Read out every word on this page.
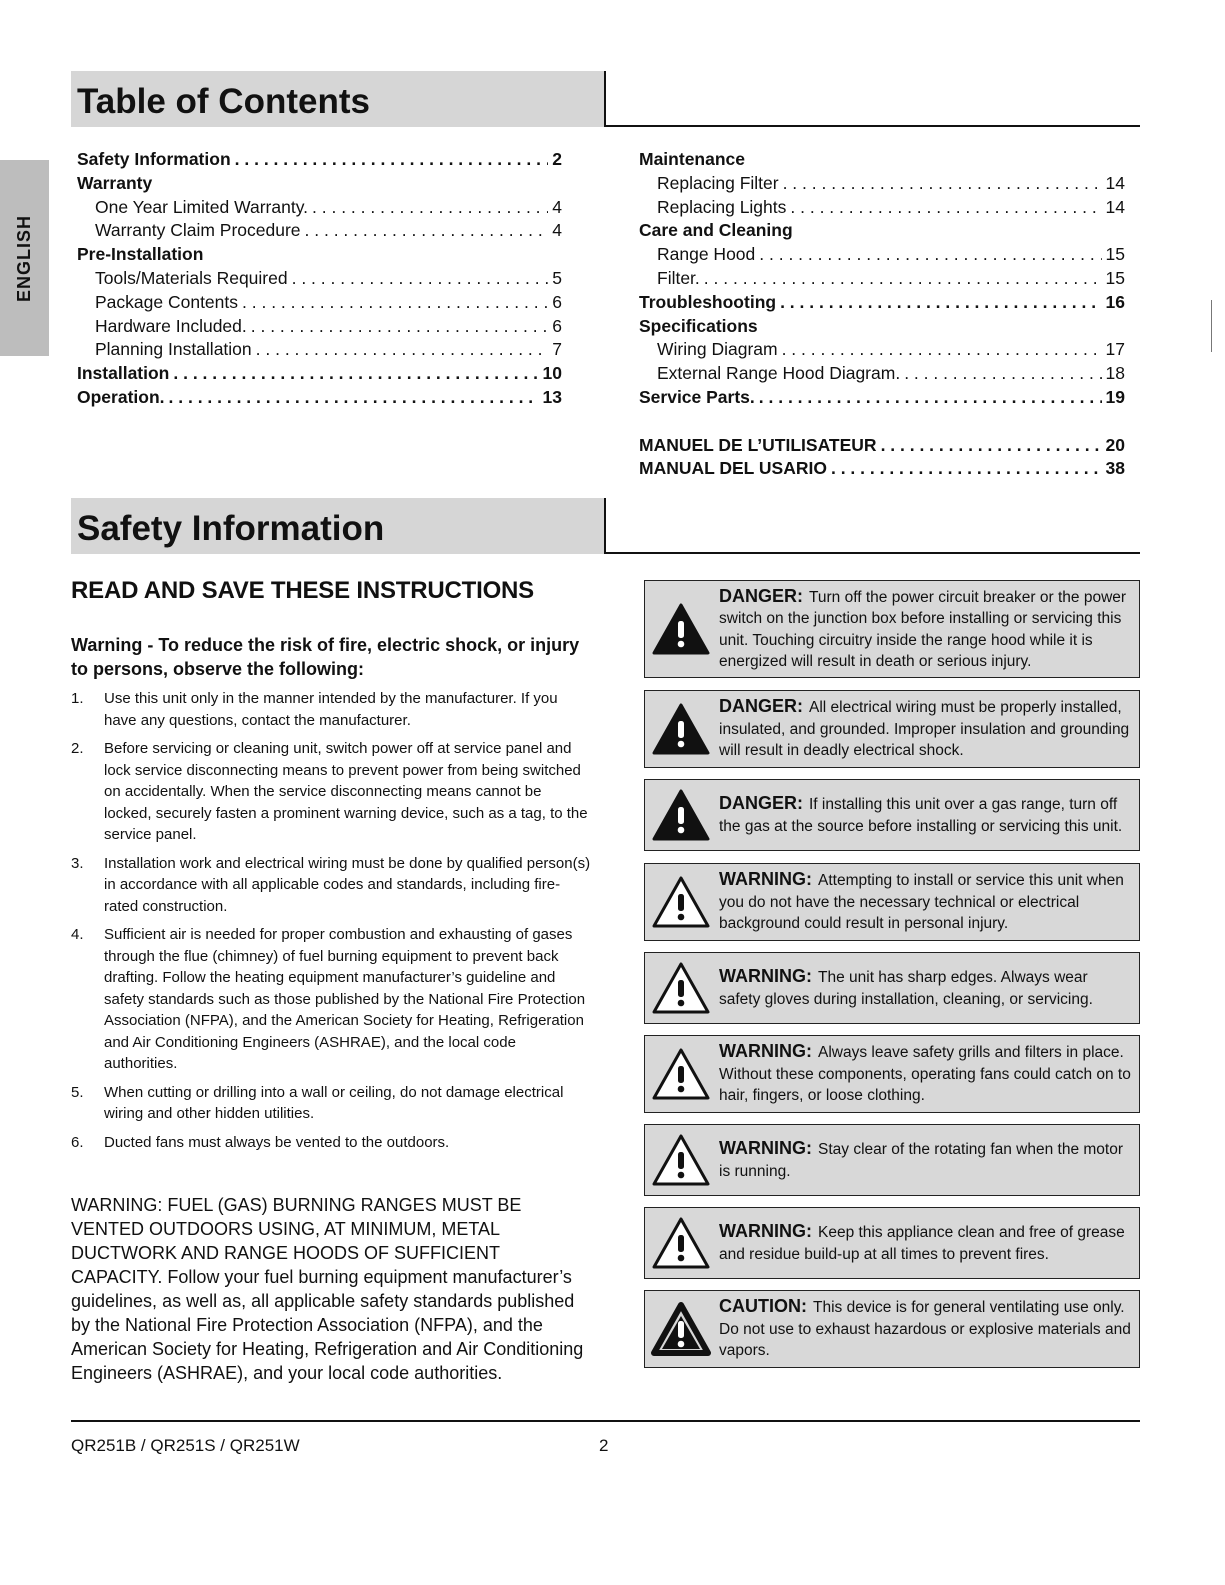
ENGLISH
Table of Contents
Safety Information . . .	2
Warranty
One Year Limited Warranty. . . .	4
Warranty Claim Procedure . . .	4
Pre-Installation
Tools/Materials Required . . .	5
Package Contents . . .	6
Hardware Included. . . .	6
Planning Installation . . .	7
Installation . . .	10
Operation. . . .	13
Maintenance
Replacing Filter . . .	14
Replacing Lights . . .	14
Care and Cleaning
Range Hood . . .	15
Filter. . . .	15
Troubleshooting . . .	16
Specifications
Wiring Diagram . . .	17
External Range Hood Diagram. . . .	18
Service Parts. . . .	19
MANUEL DE L’UTILISATEUR . . .	20
MANUAL DEL USARIO . . .	38
Safety Information
READ AND SAVE THESE INSTRUCTIONS
Warning - To reduce the risk of fire, electric shock, or injury to persons, observe the following:
1.	Use this unit only in the manner intended by the manufacturer. If you have any questions, contact the manufacturer.
2.	Before servicing or cleaning unit, switch power off at service panel and lock service disconnecting means to prevent power from being switched on accidentally. When the service disconnecting means cannot be locked, securely fasten a prominent warning device, such as a tag, to the service panel.
3.	Installation work and electrical wiring must be done by qualified person(s) in accordance with all applicable codes and standards, including fire-rated construction.
4.	Sufficient air is needed for proper combustion and exhausting of gases through the flue (chimney) of fuel burning equipment to prevent back drafting. Follow the heating equipment manufacturer’s guideline and safety standards such as those published by the National Fire Protection Association (NFPA), and the American Society for Heating, Refrigeration and Air Conditioning Engineers (ASHRAE), and the local code authorities.
5.	When cutting or drilling into a wall or ceiling, do not damage electrical wiring and other hidden utilities.
6.	Ducted fans must always be vented to the outdoors.
WARNING: FUEL (GAS) BURNING RANGES MUST BE VENTED OUTDOORS USING, AT MINIMUM, METAL DUCTWORK AND RANGE HOODS OF SUFFICIENT CAPACITY. Follow your fuel burning equipment manufacturer’s guidelines, as well as, all applicable safety standards published by the National Fire Protection Association (NFPA), and the American Society for Heating, Refrigeration and Air Conditioning Engineers (ASHRAE), and your local code authorities.
DANGER: Turn off the power circuit breaker or the power switch on the junction box before installing or servicing this unit. Touching circuitry inside the range hood while it is energized will result in death or serious injury.
DANGER: All electrical wiring must be properly installed, insulated, and grounded. Improper insulation and grounding will result in deadly electrical shock.
DANGER: If installing this unit over a gas range, turn off the gas at the source before installing or servicing this unit.
WARNING: Attempting to install or service this unit when you do not have the necessary technical or electrical background could result in personal injury.
WARNING: The unit has sharp edges. Always wear safety gloves during installation, cleaning, or servicing.
WARNING: Always leave safety grills and filters in place. Without these components, operating fans could catch on to hair, fingers, or loose clothing.
WARNING: Stay clear of the rotating fan when the motor is running.
WARNING: Keep this appliance clean and free of grease and residue build-up at all times to prevent fires.
CAUTION: This device is for general ventilating use only. Do not use to exhaust hazardous or explosive materials and vapors.
QR251B / QR251S / QR251W	2
